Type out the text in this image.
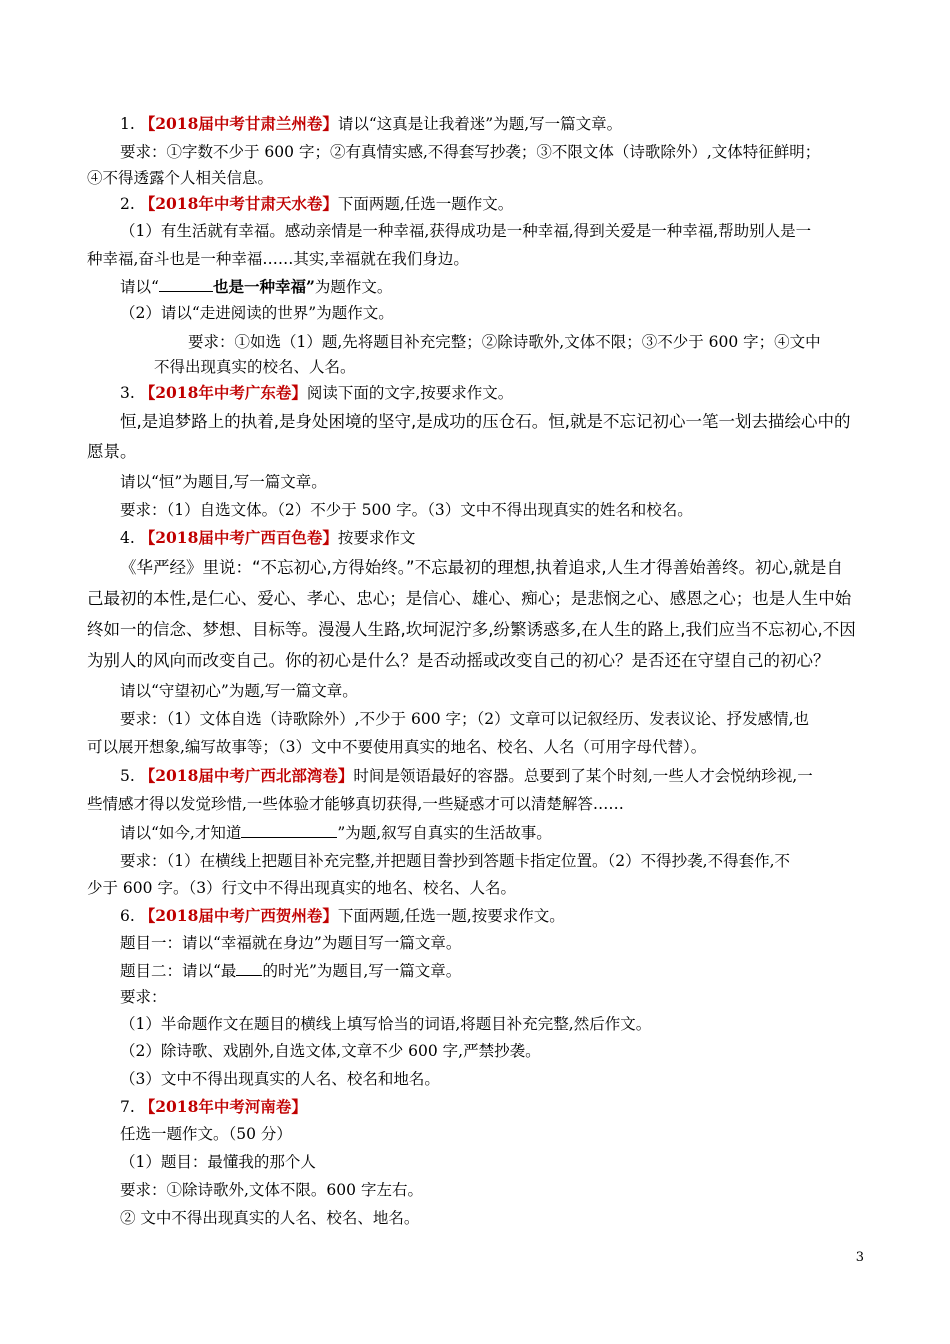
1. 【2018届中考甘肃兰州卷】请以“这真是让我着迷”为题,写一篇文章。
要求：①字数不少于 600 字；②有真情实感,不得套写抄袭；③不限文体（诗歌除外）,文体特征鲜明；
④不得透露个人相关信息。
2. 【2018年中考甘肃天水卷】下面两题,任选一题作文。
（1）有生活就有幸福。感动亲情是一种幸福,获得成功是一种幸福,得到关爱是一种幸福,帮助别人是一
种幸福,奋斗也是一种幸福……其实,幸福就在我们身边。
请以“	也是一种幸福”为题作文。
（2）请以“走进阅读的世界”为题作文。
要求：①如选（1）题,先将题目补充完整；②除诗歌外,文体不限；③不少于 600 字；④文中
不得出现真实的校名、人名。
3. 【2018年中考广东卷】阅读下面的文字,按要求作文。
恒,是追梦路上的执着,是身处困境的坚守,是成功的压仓石。恒,就是不忘记初心一笔一划去描绘心中的
愿景。
请以“恒”为题目,写一篇文章。
要求：（1）自选文体。（2）不少于 500 字。（3）文中不得出现真实的姓名和校名。
4. 【2018届中考广西百色卷】按要求作文
《华严经》里说：“不忘初心,方得始终。”不忘最初的理想,执着追求,人生才得善始善终。初心,就是自
己最初的本性,是仁心、爱心、孝心、忠心；是信心、雄心、痴心；是悲悯之心、感恩之心；也是人生中始
终如一的信念、梦想、目标等。漫漫人生路,坎坷泥泞多,纷繁诱惑多,在人生的路上,我们应当不忘初心,不因
为别人的风向而改变自己。你的初心是什么？是否动摇或改变自己的初心？是否还在守望自己的初心？
请以“守望初心”为题,写一篇文章。
要求：（1）文体自选（诗歌除外）,不少于 600 字；（2）文章可以记叙经历、发表议论、抒发感情,也
可以展开想象,编写故事等；（3）文中不要使用真实的地名、校名、人名（可用字母代替）。
5. 【2018届中考广西北部湾卷】时间是领语最好的容器。总要到了某个时刻,一些人才会悦纳珍视,一
些情感才得以发觉珍惜,一些体验才能够真切获得,一些疑惑才可以清楚解答……
请以“如今,才知道	”为题,叙写自真实的生活故事。
要求：（1）在横线上把题目补充完整,并把题目誊抄到答题卡指定位置。（2）不得抄袭,不得套作,不
少于 600 字。（3）行文中不得出现真实的地名、校名、人名。
6. 【2018届中考广西贺州卷】下面两题,任选一题,按要求作文。
题目一：请以“幸福就在身边”为题目写一篇文章。
题目二：请以“最 的时光”为题目,写一篇文章。
要求：
（1）半命题作文在题目的横线上填写恰当的词语,将题目补充完整,然后作文。
（2）除诗歌、戏剧外,自选文体,文章不少 600 字,严禁抄袭。
（3）文中不得出现真实的人名、校名和地名。
7. 【2018年中考河南卷】
任选一题作文。（50 分）
（1）题目：最懂我的那个人
要求：①除诗歌外,文体不限。600 字左右。
② 文中不得出现真实的人名、校名、地名。
3
